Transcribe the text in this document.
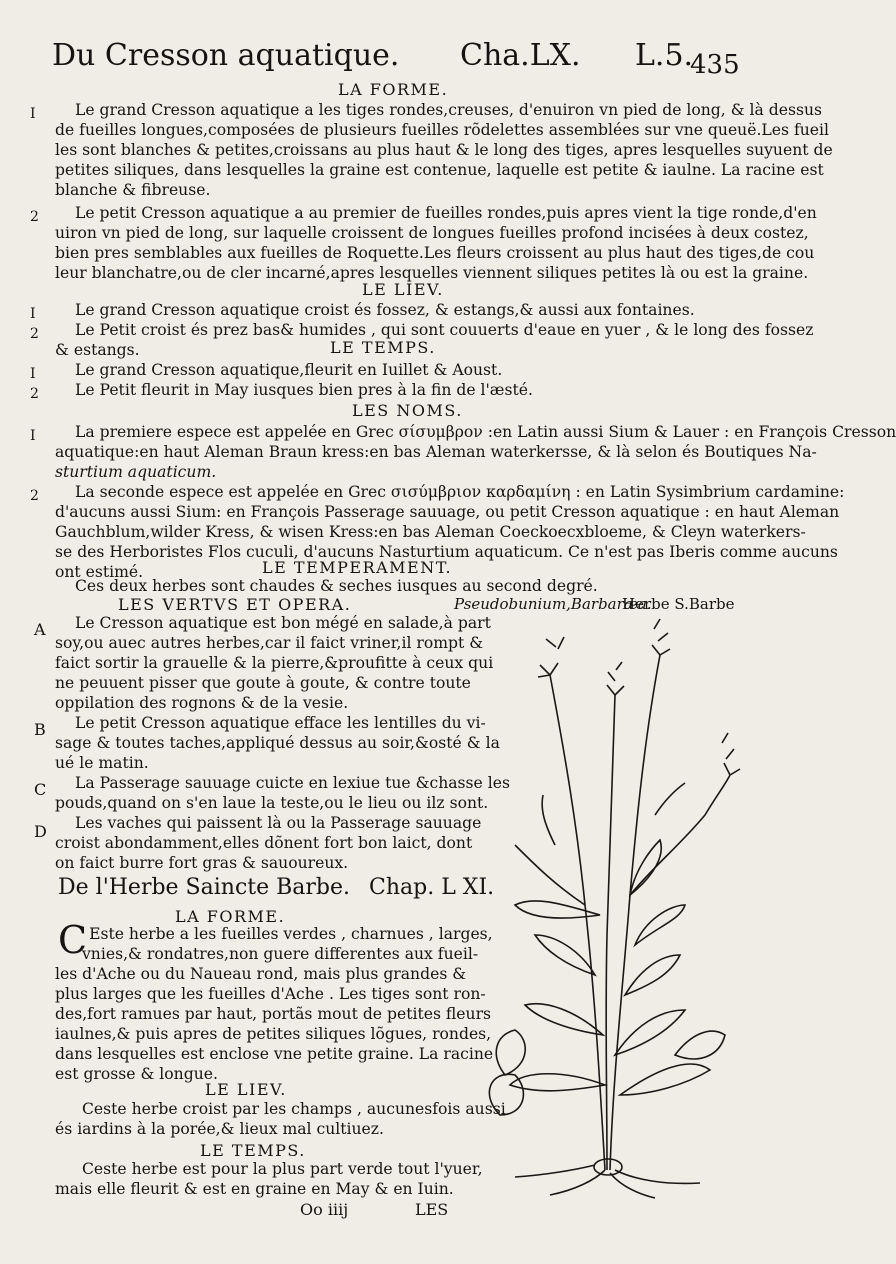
Du Cresson aquatique. Cha.LX. L.5.
435
LA FORME.
I	Le grand Cresson aquatique a les tiges rondes,creuses, d'enuiron vn pied de long, & là dessus
de fueilles longues,composées de plusieurs fueilles rõdelettes assemblées sur vne queuë.Les fueil
les sont blanches & petites,croissans au plus haut & le long des tiges, apres lesquelles suyuent de
petites siliques, dans lesquelles la graine est contenue, laquelle est petite & iaulne. La racine est
blanche & fibreuse.
2 Le petit Cresson aquatique a au premier de fueilles rondes,puis apres vient la tige ronde,d'en
uiron vn pied de long, sur laquelle croissent de longues fueilles profond incisées à deux costez,
bien pres semblables aux fueilles de Roquette.Les fleurs croissent au plus haut des tiges,de cou
leur blanchatre,ou de cler incarné,apres lesquelles viennent siliques petites là ou est la graine.
LE LIEV.
I	Le grand Cresson aquatique croist és fossez, & estangs,& aussi aux fontaines.
2 Le Petit croist és prez bas& humides , qui sont couuerts d'eaue en yuer , & le long des fossez
& estangs.	LE TEMPS.
I	Le grand Cresson aquatique,fleurit en Iuillet & Aoust.
2 Le Petit fleurit in May iusques bien pres à la fin de l'æsté.
LES NOMS.
I	La premiere espece est appelée en Grec σίσυμβρον :en Latin aussi Sium & Lauer : en François Cresson
aquatique:en haut Aleman Braun kress:en bas Aleman waterkersse, & là selon és Boutiques Na-
sturtium aquaticum.
2 La seconde espece est appelée en Grec σισύμβριον καρδαμίνη : en Latin Sysimbrium cardamine:
d'aucuns aussi Sium: en François Passerage sauuage, ou petit Cresson aquatique : en haut Aleman
Gauchblum,wilder Kress, & wisen Kress:en bas Aleman Coeckoecxbloeme, & Cleyn waterkers-
se des Herboristes Flos cuculi, d'aucuns Nasturtium aquaticum. Ce n'est pas Iberis comme aucuns
ont estimé.	LE TEMPERAMENT.
Ces deux herbes sont chaudes & seches iusques au second degré.
LES VERTVS ET OPERA.	Pseudobunium,Barbaræa.
Herbe S.Barbe
A Le Cresson aquatique est bon mégé en salade,à part
soy,ou auec autres herbes,car il faict vriner,il rompt &
faict sortir la grauelle & la pierre,&proufitte à ceux qui
ne peuuent pisser que goute à goute, & contre toute
oppilation des rognons & de la vesie.
B Le petit Cresson aquatique efface les lentilles du vi-
sage & toutes taches,appliqué dessus au soir,&osté & la
ué le matin.
C La Passerage sauuage cuicte en lexiue tue &chasse les
pouds,quand on s'en laue la teste,ou le lieu ou ilz sont.
D Les vaches qui paissent là ou la Passerage sauuage
croist abondamment,elles dõnent fort bon laict, dont
on faict burre fort gras & sauoureux.
De l'Herbe Saincte Barbe. Chap. L XI.
LA FORME.
C Este herbe a les fueilles verdes , charnues , larges,
vnies,& rondatres,non guere differentes aux fueil-
les d'Ache ou du Naueau rond, mais plus grandes &
plus larges que les fueilles d'Ache . Les tiges sont ron-
des,fort ramues par haut, portãs mout de petites fleurs
iaulnes,& puis apres de petites siliques lõgues, rondes,
dans lesquelles est enclose vne petite graine. La racine
est grosse & longue.
LE LIEV.
Ceste herbe croist par les champs , aucunesfois aussi
és iardins à la porée,& lieux mal cultiuez.
LE TEMPS.
Ceste herbe est pour la plus part verde tout l'yuer,
mais elle fleurit & est en graine en May & en Iuin.
Oo iiij	LES
